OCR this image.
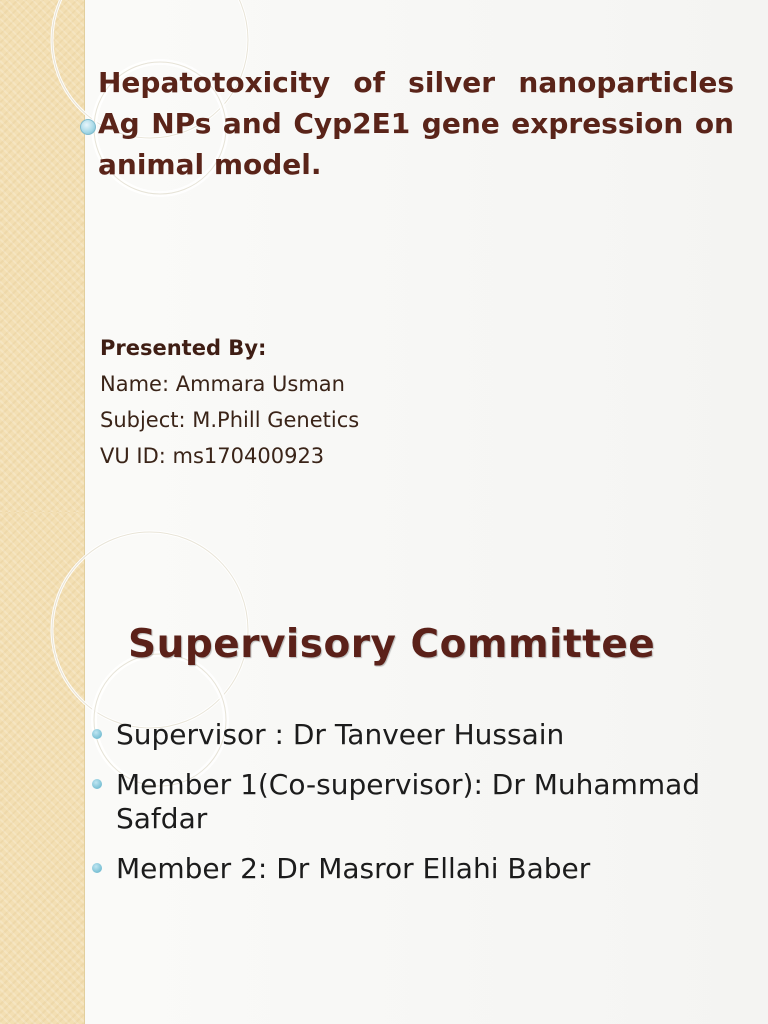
Hepatotoxicity of silver nanoparticles Ag NPs and Cyp2E1 gene expression on animal model.
Presented By:
Name: Ammara Usman
Subject: M.Phill Genetics
VU ID: ms170400923
Supervisory Committee
Supervisor : Dr Tanveer Hussain
Member 1(Co-supervisor): Dr Muhammad Safdar
Member 2: Dr Masror Ellahi Baber
